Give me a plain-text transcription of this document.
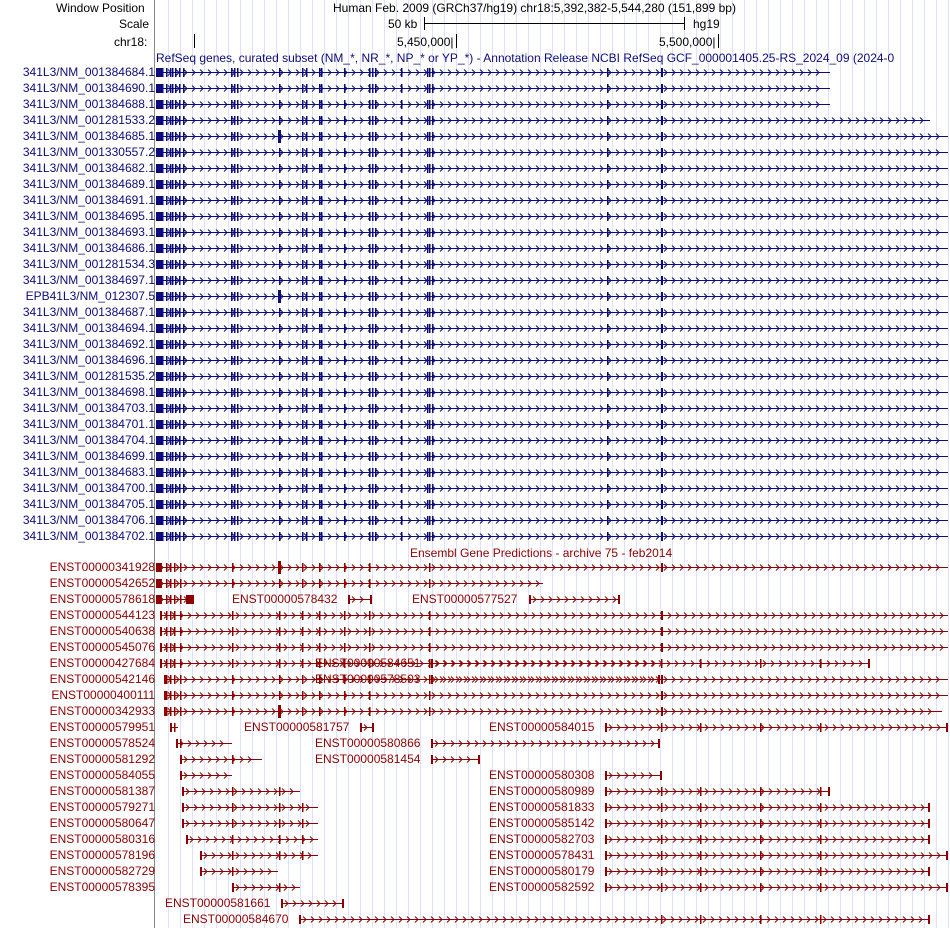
Window Position	Human Feb. 2009 (GRCh37/hg19) chr18:5,392,382-5,544,280 (151,899 bp)
Scale	50 kb	hg19
chr18:	5,450,000|	5,500,000|
RefSeq genes, curated subset (NM_*, NR_*, NP_* or YP_*) - Annotation Release NCBI RefSeq GCF_000001405.25-RS_2024_09 (2024-0
Ensembl Gene Predictions - archive 75 - feb2014
341L3/NM_001384684.1
341L3/NM_001384690.1
341L3/NM_001384688.1
341L3/NM_001281533.2
341L3/NM_001384685.1
341L3/NM_001330557.2
341L3/NM_001384682.1
341L3/NM_001384689.1
341L3/NM_001384691.1
341L3/NM_001384695.1
341L3/NM_001384693.1
341L3/NM_001384686.1
341L3/NM_001281534.3
341L3/NM_001384697.1
EPB41L3/NM_012307.5
341L3/NM_001384687.1
341L3/NM_001384694.1
341L3/NM_001384692.1
341L3/NM_001384696.1
341L3/NM_001281535.2
341L3/NM_001384698.1
341L3/NM_001384703.1
341L3/NM_001384701.1
341L3/NM_001384704.1
341L3/NM_001384699.1
341L3/NM_001384683.1
341L3/NM_001384700.1
341L3/NM_001384705.1
341L3/NM_001384706.1
341L3/NM_001384702.1
ENST00000341928
ENST00000542652
ENST00000578618
ENST00000544123
ENST00000540638
ENST00000545076
ENST00000427684
ENST00000542146
ENST00000400111
ENST00000342933
ENST00000579951
ENST00000578524
ENST00000581292
ENST00000584055
ENST00000581387
ENST00000579271
ENST00000580647
ENST00000580316
ENST00000578196
ENST00000582729
ENST00000578395
ENST00000578432	ENST00000577527
ENST00000584651
ENST00000578503
ENST00000581757	ENST00000584015
ENST00000580866
ENST00000581454
ENST00000580308
ENST00000580989
ENST00000581833
ENST00000585142
ENST00000582703
ENST00000578431
ENST00000580179
ENST00000582592
ENST00000581661
ENST00000584670
